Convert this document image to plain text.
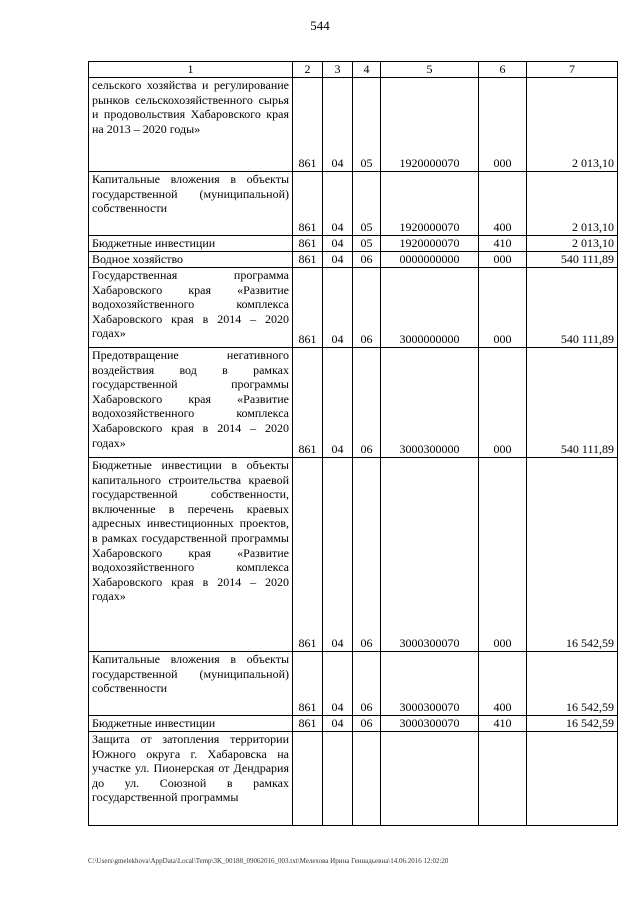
544
1	2	3	4	5	6	7
сельского хозяйства и регулирование рынков сельскохозяйственного сырья и продовольствия Хабаровского края на 2013 – 2020 годы»	861	04	05	1920000070	000	2 013,10
Капитальные вложения в объекты государственной (муниципальной) собственности	861	04	05	1920000070	400	2 013,10
Бюджетные инвестиции	861	04	05	1920000070	410	2 013,10
Водное хозяйство	861	04	06	0000000000	000	540 111,89
Государственная программа Хабаровского края «Развитие водохозяйственного комплекса Хабаровского края в 2014 – 2020 годах»	861	04	06	3000000000	000	540 111,89
Предотвращение негативного воздействия вод в рамках государственной программы Хабаровского края «Развитие водохозяйственного комплекса Хабаровского края в 2014 – 2020 годах»	861	04	06	3000300000	000	540 111,89
Бюджетные инвестиции в объекты капитального строительства краевой государственной собственности, включенные в перечень краевых адресных инвестиционных проектов, в рамках государственной программы Хабаровского края «Развитие водохозяйственного комплекса Хабаровского края в 2014 – 2020 годах»	861	04	06	3000300070	000	16 542,59
Капитальные вложения в объекты государственной (муниципальной) собственности	861	04	06	3000300070	400	16 542,59
Бюджетные инвестиции	861	04	06	3000300070	410	16 542,59
Защита от затопления территории Южного округа г. Хабаровска на участке ул. Пионерская от Дендрария до ул. Союзной в рамках государственной программы						
C:\Users\gmelekhova\AppData\Local\Temp\3K_00188_09062016_003.txt\Мелехова Ирина Геннадьевна\14.06.2016 12:02:20
